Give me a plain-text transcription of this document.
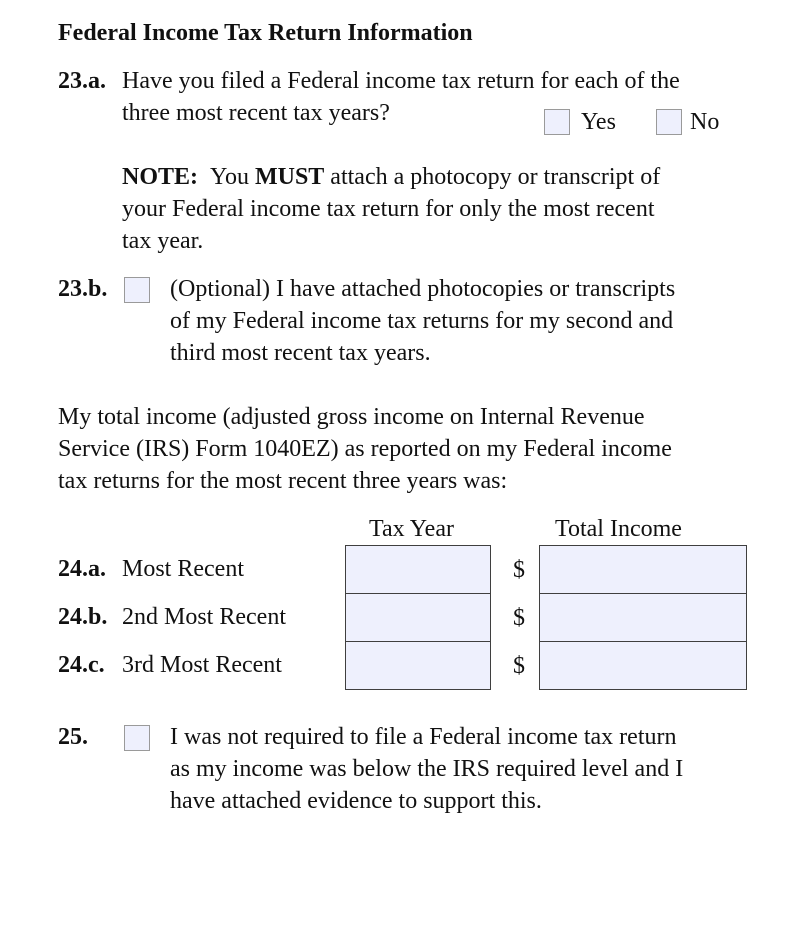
Federal Income Tax Return Information
23.a. Have you filed a Federal income tax return for each of the
three most recent tax years?	Yes	No
NOTE: You MUST attach a photocopy or transcript of
your Federal income tax return for only the most recent
tax year.
23.b.	(Optional) I have attached photocopies or transcripts
of my Federal income tax returns for my second and
third most recent tax years.
My total income (adjusted gross income on Internal Revenue
Service (IRS) Form 1040EZ) as reported on my Federal income
tax returns for the most recent three years was:
Tax Year	Total Income
24.a. Most Recent	$
24.b. 2nd Most Recent	$
24.c. 3rd Most Recent	$
25.	I was not required to file a Federal income tax return
as my income was below the IRS required level and I
have attached evidence to support this.
